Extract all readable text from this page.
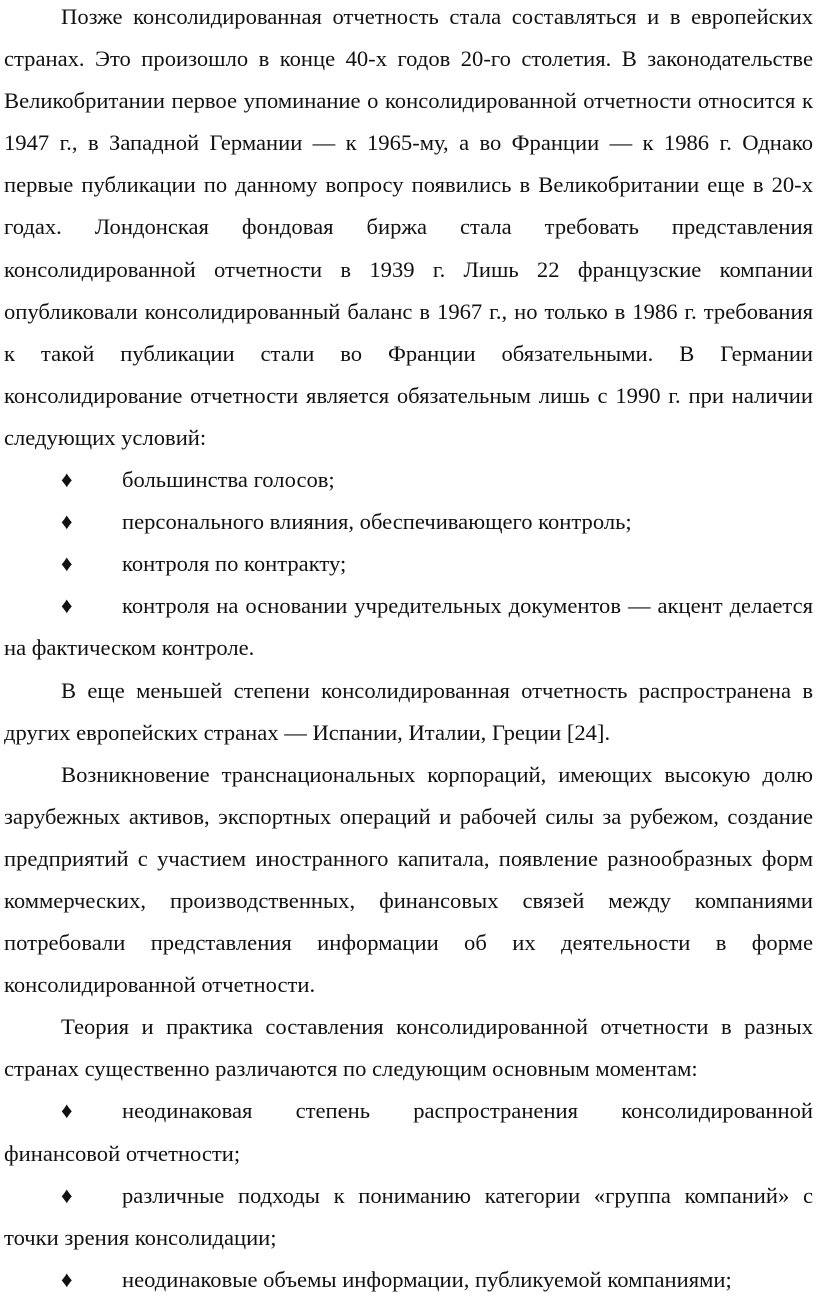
Позже консолидированная отчетность стала составляться и в европейских странах. Это произошло в конце 40-х годов 20-го столетия. В законодательстве Великобритании первое упоминание о консолидированной отчетности относится к 1947 г., в Западной Германии — к 1965-му, а во Франции — к 1986 г. Однако первые публикации по данному вопросу появились в Великобритании еще в 20-х годах. Лондонская фондовая биржа стала требовать представления консолидированной отчетности в 1939 г. Лишь 22 французские компании опубликовали консолидированный баланс в 1967 г., но только в 1986 г. требования к такой публикации стали во Франции обязательными. В Германии консолидирование отчетности является обязательным лишь с 1990 г. при наличии следующих условий:

♦ большинства голосов;

♦ персонального влияния, обеспечивающего контроль;

♦ контроля по контракту;

♦ контроля на основании учредительных документов — акцент делается на фактическом контроле.

В еще меньшей степени консолидированная отчетность распространена в других европейских странах — Испании, Италии, Греции [24].

Возникновение транснациональных корпораций, имеющих высокую долю зарубежных активов, экспортных операций и рабочей силы за рубежом, создание предприятий с участием иностранного капитала, появление разнообразных форм коммерческих, производственных, финансовых связей между компаниями потребовали представления информации об их деятельности в форме консолидированной отчетности.

Теория и практика составления консолидированной отчетности в разных странах существенно различаются по следующим основным моментам:

♦ неодинаковая степень распространения консолидированной финансовой отчетности;

♦ различные подходы к пониманию категории «группа компаний» с точки зрения консолидации;

♦ неодинаковые объемы информации, публикуемой компаниями;
